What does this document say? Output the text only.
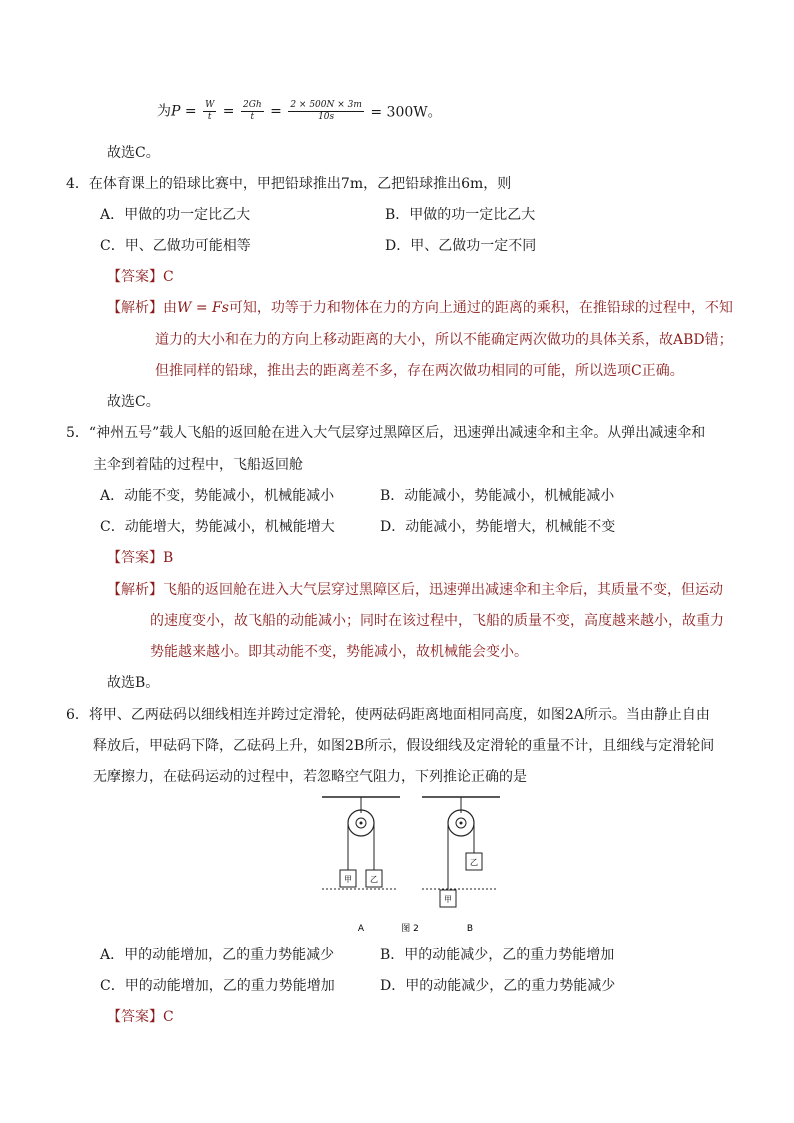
为$P = \frac{W}{t} = \frac{2Gh}{t} = \frac{2 \times 500N \times 3m}{10s} = 300W$。
故选C。
4．在体育课上的铅球比赛中，甲把铅球推出7m，乙把铅球推出6m，则
A．甲做的功一定比乙大	B．甲做的功一定比乙大
C．甲、乙做功可能相等	D．甲、乙做功一定不同
【答案】C
【解析】由W = Fs可知，功等于力和物体在力的方向上通过的距离的乘积，在推铅球的过程中，不知
道力的大小和在力的方向上移动距离的大小，所以不能确定两次做功的具体关系，故ABD错；
但推同样的铅球，推出去的距离差不多，存在两次做功相同的可能，所以选项C正确。
故选C。
5．“神州五号”载人飞船的返回舱在进入大气层穿过黑障区后，迅速弹出减速伞和主伞。从弹出减速伞和
主伞到着陆的过程中，飞船返回舱
A．动能不变，势能减小，机械能减小	B．动能减小，势能减小，机械能减小
C．动能增大，势能减小，机械能增大	D．动能减小，势能增大，机械能不变
【答案】B
【解析】飞船的返回舱在进入大气层穿过黑障区后，迅速弹出减速伞和主伞后，其质量不变，但运动
的速度变小，故飞船的动能减小；同时在该过程中，飞船的质量不变，高度越来越小，故重力
势能越来越小。即其动能不变，势能减小，故机械能会变小。
故选B。
6．将甲、乙两砝码以细线相连并跨过定滑轮，使两砝码距离地面相同高度，如图2A所示。当由静止自由
释放后，甲砝码下降，乙砝码上升，如图2B所示，假设细线及定滑轮的重量不计，且细线与定滑轮间
无摩擦力，在砝码运动的过程中，若忽略空气阻力，下列推论正确的是
甲 乙
乙
甲
A	图 2	B
A．甲的动能增加，乙的重力势能减少	B．甲的动能减少，乙的重力势能增加
C．甲的动能增加，乙的重力势能增加	D．甲的动能减少，乙的重力势能减少
【答案】C
